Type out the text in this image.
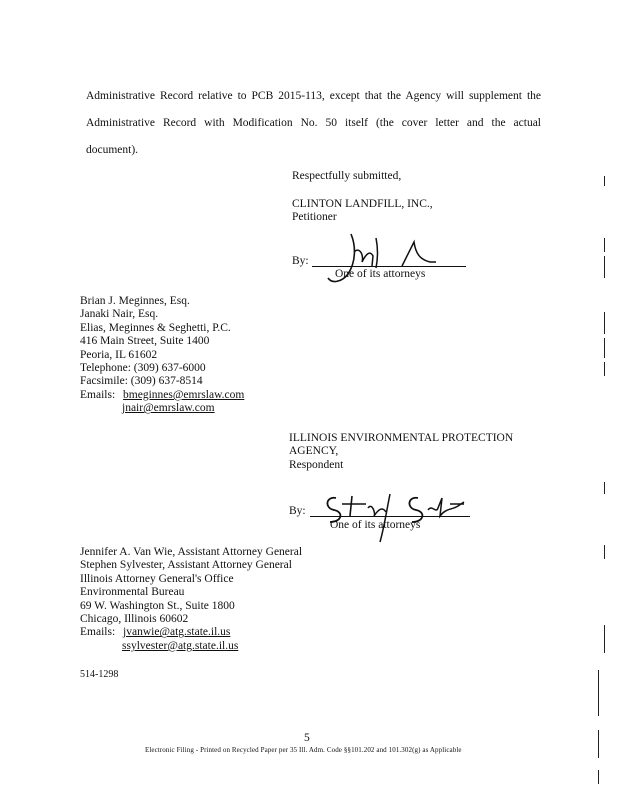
Administrative Record relative to PCB 2015-113, except that the Agency will supplement the
Administrative Record with Modification No. 50 itself (the cover letter and the actual
document).
Respectfully submitted,
CLINTON LANDFILL, INC.,
Petitioner
By:
One of its attorneys
Brian J. Meginnes, Esq.
Janaki Nair, Esq.
Elias, Meginnes & Seghetti, P.C.
416 Main Street, Suite 1400
Peoria, IL 61602
Telephone: (309) 637-6000
Facsimile: (309) 637-8514
Emails: bmeginnes@emrslaw.com
jnair@emrslaw.com
ILLINOIS ENVIRONMENTAL PROTECTION
AGENCY,
Respondent
By:
One of its attorneys
Jennifer A. Van Wie, Assistant Attorney General
Stephen Sylvester, Assistant Attorney General
Illinois Attorney General's Office
Environmental Bureau
69 W. Washington St., Suite 1800
Chicago, Illinois 60602
Emails: jvanwie@atg.state.il.us
ssylvester@atg.state.il.us
514-1298
5
Electronic Filing - Printed on Recycled Paper per 35 Ill. Adm. Code §§101.202 and 101.302(g) as Applicable
